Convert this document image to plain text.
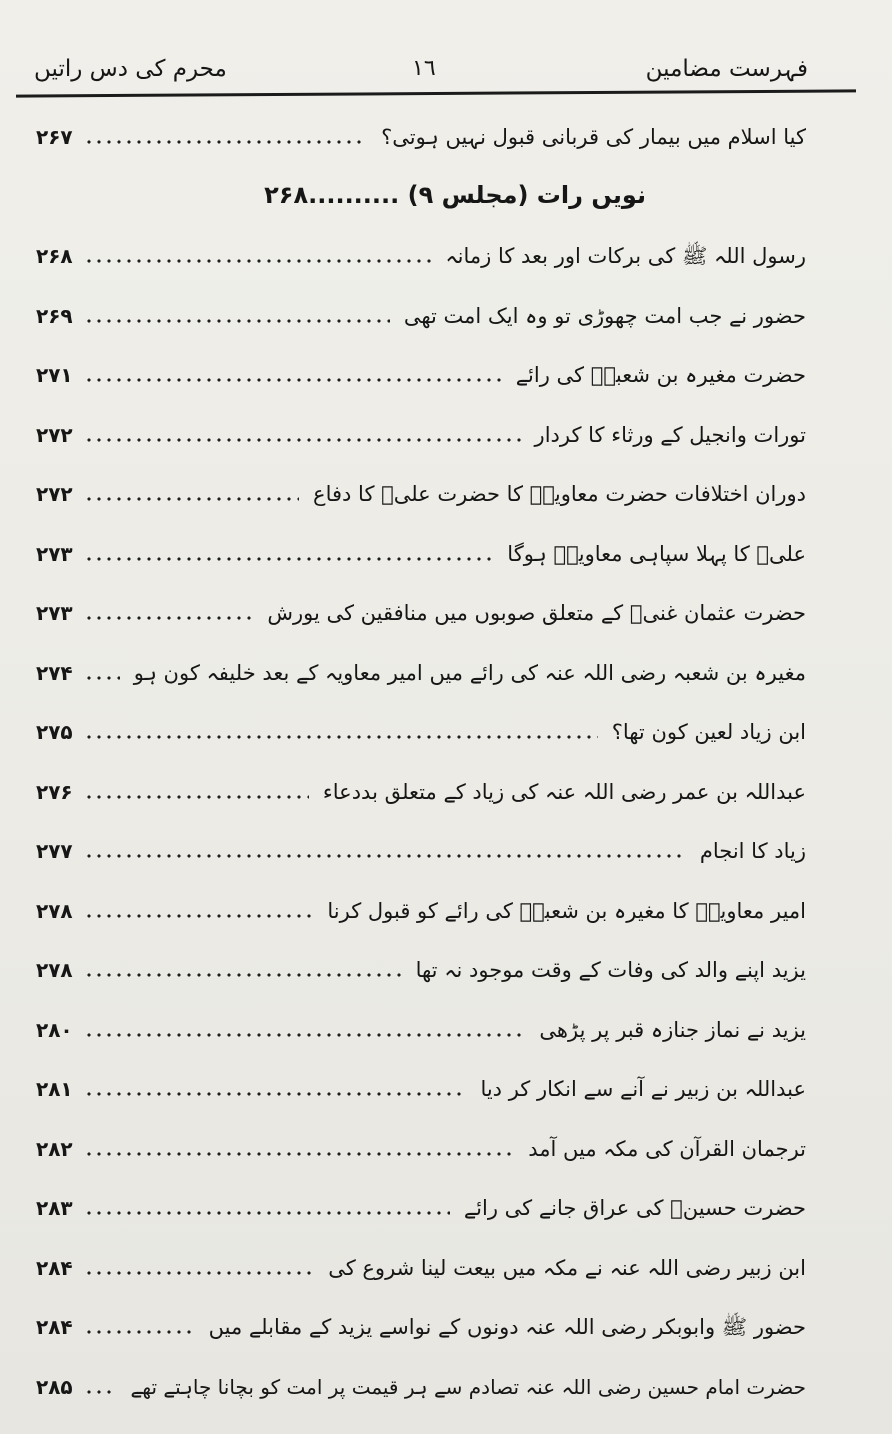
فہرست مضامین
١٦
محرم کی دس راتیں
کیا اسلام میں بیمار کی قربانی قبول نہیں ہوتی؟
۲۶۷
نویں رات (مجلس ۹) ..........۲۶۸
رسول اللہ ﷺ کی برکات اور بعد کا زمانہ
۲۶۸
حضور نے جب امت چھوڑی تو وہ ایک امت تھی
۲۶۹
حضرت مغیرہ بن شعبہؓ کی رائے
۲۷۱
تورات وانجیل کے ورثاء کا کردار
۲۷۲
دوران اختلافات حضرت معاویہؓ کا حضرت علیؓ کا دفاع
۲۷۲
علیؓ کا پہلا سپاہی معاویہؓ ہوگا
۲۷۳
حضرت عثمان غنیؓ کے متعلق صوبوں میں منافقین کی یورش
۲۷۳
مغیرہ بن شعبہ رضی اللہ عنہ کی رائے میں امیر معاویہ کے بعد خلیفہ کون ہو
۲۷۴
ابن زیاد لعین کون تھا؟
۲۷۵
عبداللہ بن عمر رضی اللہ عنہ کی زیاد کے متعلق بددعاء
۲۷۶
زیاد کا انجام
۲۷۷
امیر معاویہؓ کا مغیرہ بن شعبہؓ کی رائے کو قبول کرنا
۲۷۸
یزید اپنے والد کی وفات کے وقت موجود نہ تھا
۲۷۸
یزید نے نماز جنازہ قبر پر پڑھی
۲۸۰
عبداللہ بن زبیر نے آنے سے انکار کر دیا
۲۸۱
ترجمان القرآن کی مکہ میں آمد
۲۸۲
حضرت حسینؓ کی عراق جانے کی رائے
۲۸۳
ابن زبیر رضی اللہ عنہ نے مکہ میں بیعت لینا شروع کی
۲۸۴
حضور ﷺ وابوبکر رضی اللہ عنہ دونوں کے نواسے یزید کے مقابلے میں
۲۸۴
حضرت امام حسین رضی اللہ عنہ تصادم سے ہر قیمت پر امت کو بچانا چاہتے تھے
۲۸۵
